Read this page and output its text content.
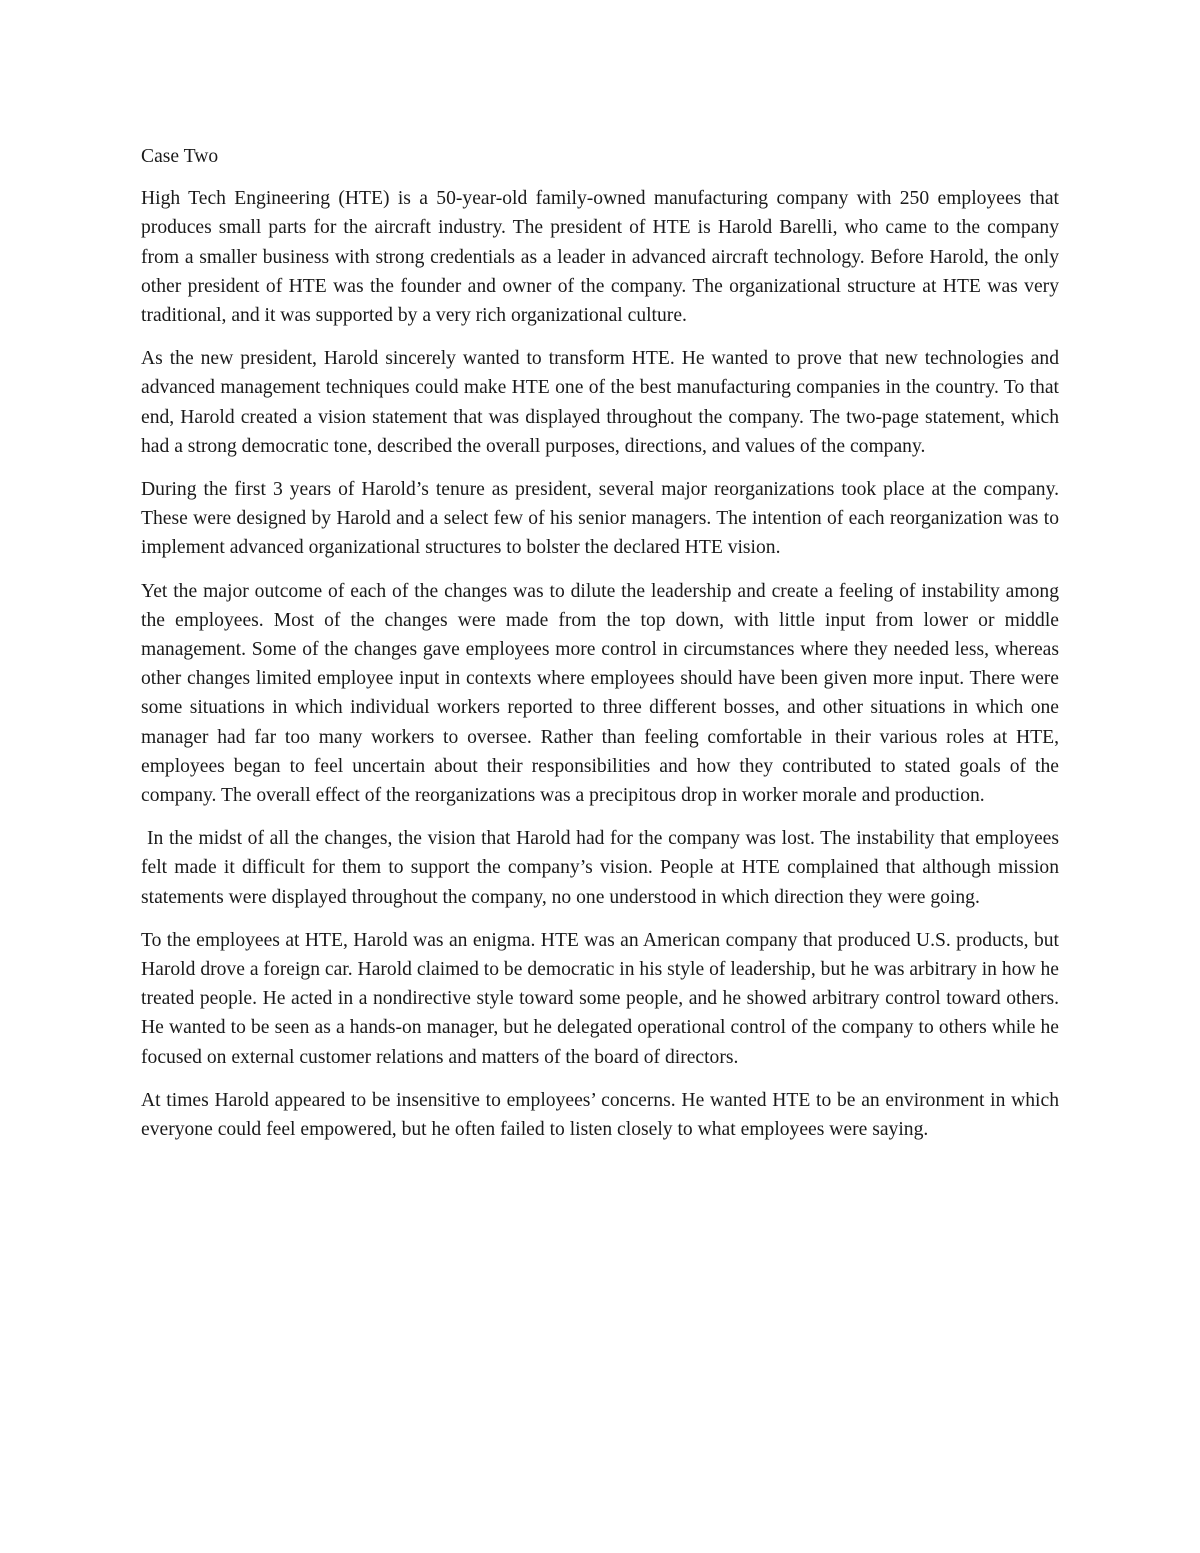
Case Two

High Tech Engineering (HTE) is a 50-year-old family-owned manufacturing company with 250 employees that produces small parts for the aircraft industry. The president of HTE is Harold Barelli, who came to the company from a smaller business with strong credentials as a leader in advanced aircraft technology. Before Harold, the only other president of HTE was the founder and owner of the company. The organizational structure at HTE was very traditional, and it was supported by a very rich organizational culture.

As the new president, Harold sincerely wanted to transform HTE. He wanted to prove that new technologies and advanced management techniques could make HTE one of the best manufacturing companies in the country. To that end, Harold created a vision statement that was displayed throughout the company. The two-page statement, which had a strong democratic tone, described the overall purposes, directions, and values of the company.

During the first 3 years of Harold’s tenure as president, several major reorganizations took place at the company. These were designed by Harold and a select few of his senior managers. The intention of each reorganization was to implement advanced organizational structures to bolster the declared HTE vision.

Yet the major outcome of each of the changes was to dilute the leadership and create a feeling of instability among the employees. Most of the changes were made from the top down, with little input from lower or middle management. Some of the changes gave employees more control in circumstances where they needed less, whereas other changes limited employee input in contexts where employees should have been given more input. There were some situations in which individual workers reported to three different bosses, and other situations in which one manager had far too many workers to oversee. Rather than feeling comfortable in their various roles at HTE, employees began to feel uncertain about their responsibilities and how they contributed to stated goals of the company. The overall effect of the reorganizations was a precipitous drop in worker morale and production.

In the midst of all the changes, the vision that Harold had for the company was lost. The instability that employees felt made it difficult for them to support the company’s vision. People at HTE complained that although mission statements were displayed throughout the company, no one understood in which direction they were going.

To the employees at HTE, Harold was an enigma. HTE was an American company that produced U.S. products, but Harold drove a foreign car. Harold claimed to be democratic in his style of leadership, but he was arbitrary in how he treated people. He acted in a nondirective style toward some people, and he showed arbitrary control toward others. He wanted to be seen as a hands-on manager, but he delegated operational control of the company to others while he focused on external customer relations and matters of the board of directors.

At times Harold appeared to be insensitive to employees’ concerns. He wanted HTE to be an environment in which everyone could feel empowered, but he often failed to listen closely to what employees were saying.
